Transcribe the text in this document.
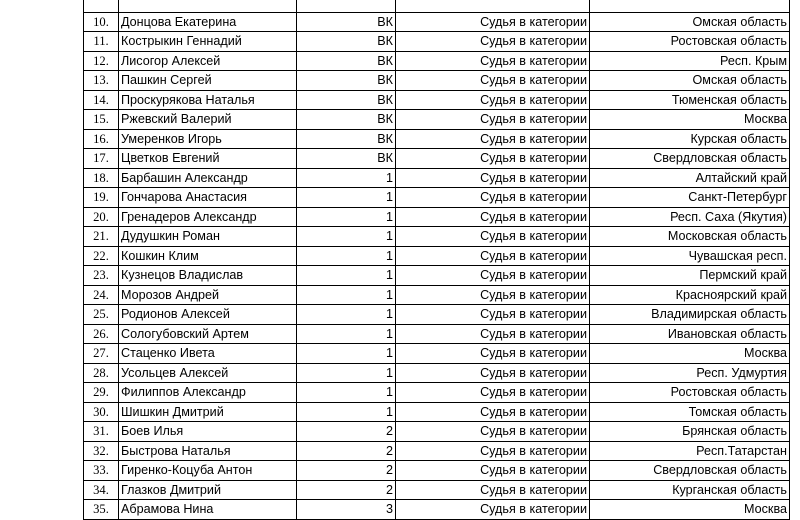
10.	Донцова Екатерина	ВК	Судья в категории	Омская область
11.	Кострыкин Геннадий	ВК	Судья в категории	Ростовская область
12.	Лисогор Алексей	ВК	Судья в категории	Респ. Крым
13.	Пашкин Сергей	ВК	Судья в категории	Омская область
14.	Проскурякова Наталья	ВК	Судья в категории	Тюменская область
15.	Ржевский Валерий	ВК	Судья в категории	Москва
16.	Умеренков Игорь	ВК	Судья в категории	Курская область
17.	Цветков Евгений	ВК	Судья в категории	Свердловская область
18.	Барбашин Александр	1	Судья в категории	Алтайский край
19.	Гончарова Анастасия	1	Судья в категории	Санкт-Петербург
20.	Гренадеров Александр	1	Судья в категории	Респ. Саха (Якутия)
21.	Дудушкин Роман	1	Судья в категории	Московская область
22.	Кошкин Клим	1	Судья в категории	Чувашская респ.
23.	Кузнецов Владислав	1	Судья в категории	Пермский край
24.	Морозов Андрей	1	Судья в категории	Красноярский край
25.	Родионов Алексей	1	Судья в категории	Владимирская область
26.	Сологубовский Артем	1	Судья в категории	Ивановская область
27.	Стаценко Ивета	1	Судья в категории	Москва
28.	Усольцев Алексей	1	Судья в категории	Респ. Удмуртия
29.	Филиппов Александр	1	Судья в категории	Ростовская область
30.	Шишкин Дмитрий	1	Судья в категории	Томская область
31.	Боев Илья	2	Судья в категории	Брянская область
32.	Быстрова Наталья	2	Судья в категории	Респ.Татарстан
33.	Гиренко-Коцуба Антон	2	Судья в категории	Свердловская область
34.	Глазков Дмитрий	2	Судья в категории	Курганская область
35.	Абрамова Нина	3	Судья в категории	Москва
